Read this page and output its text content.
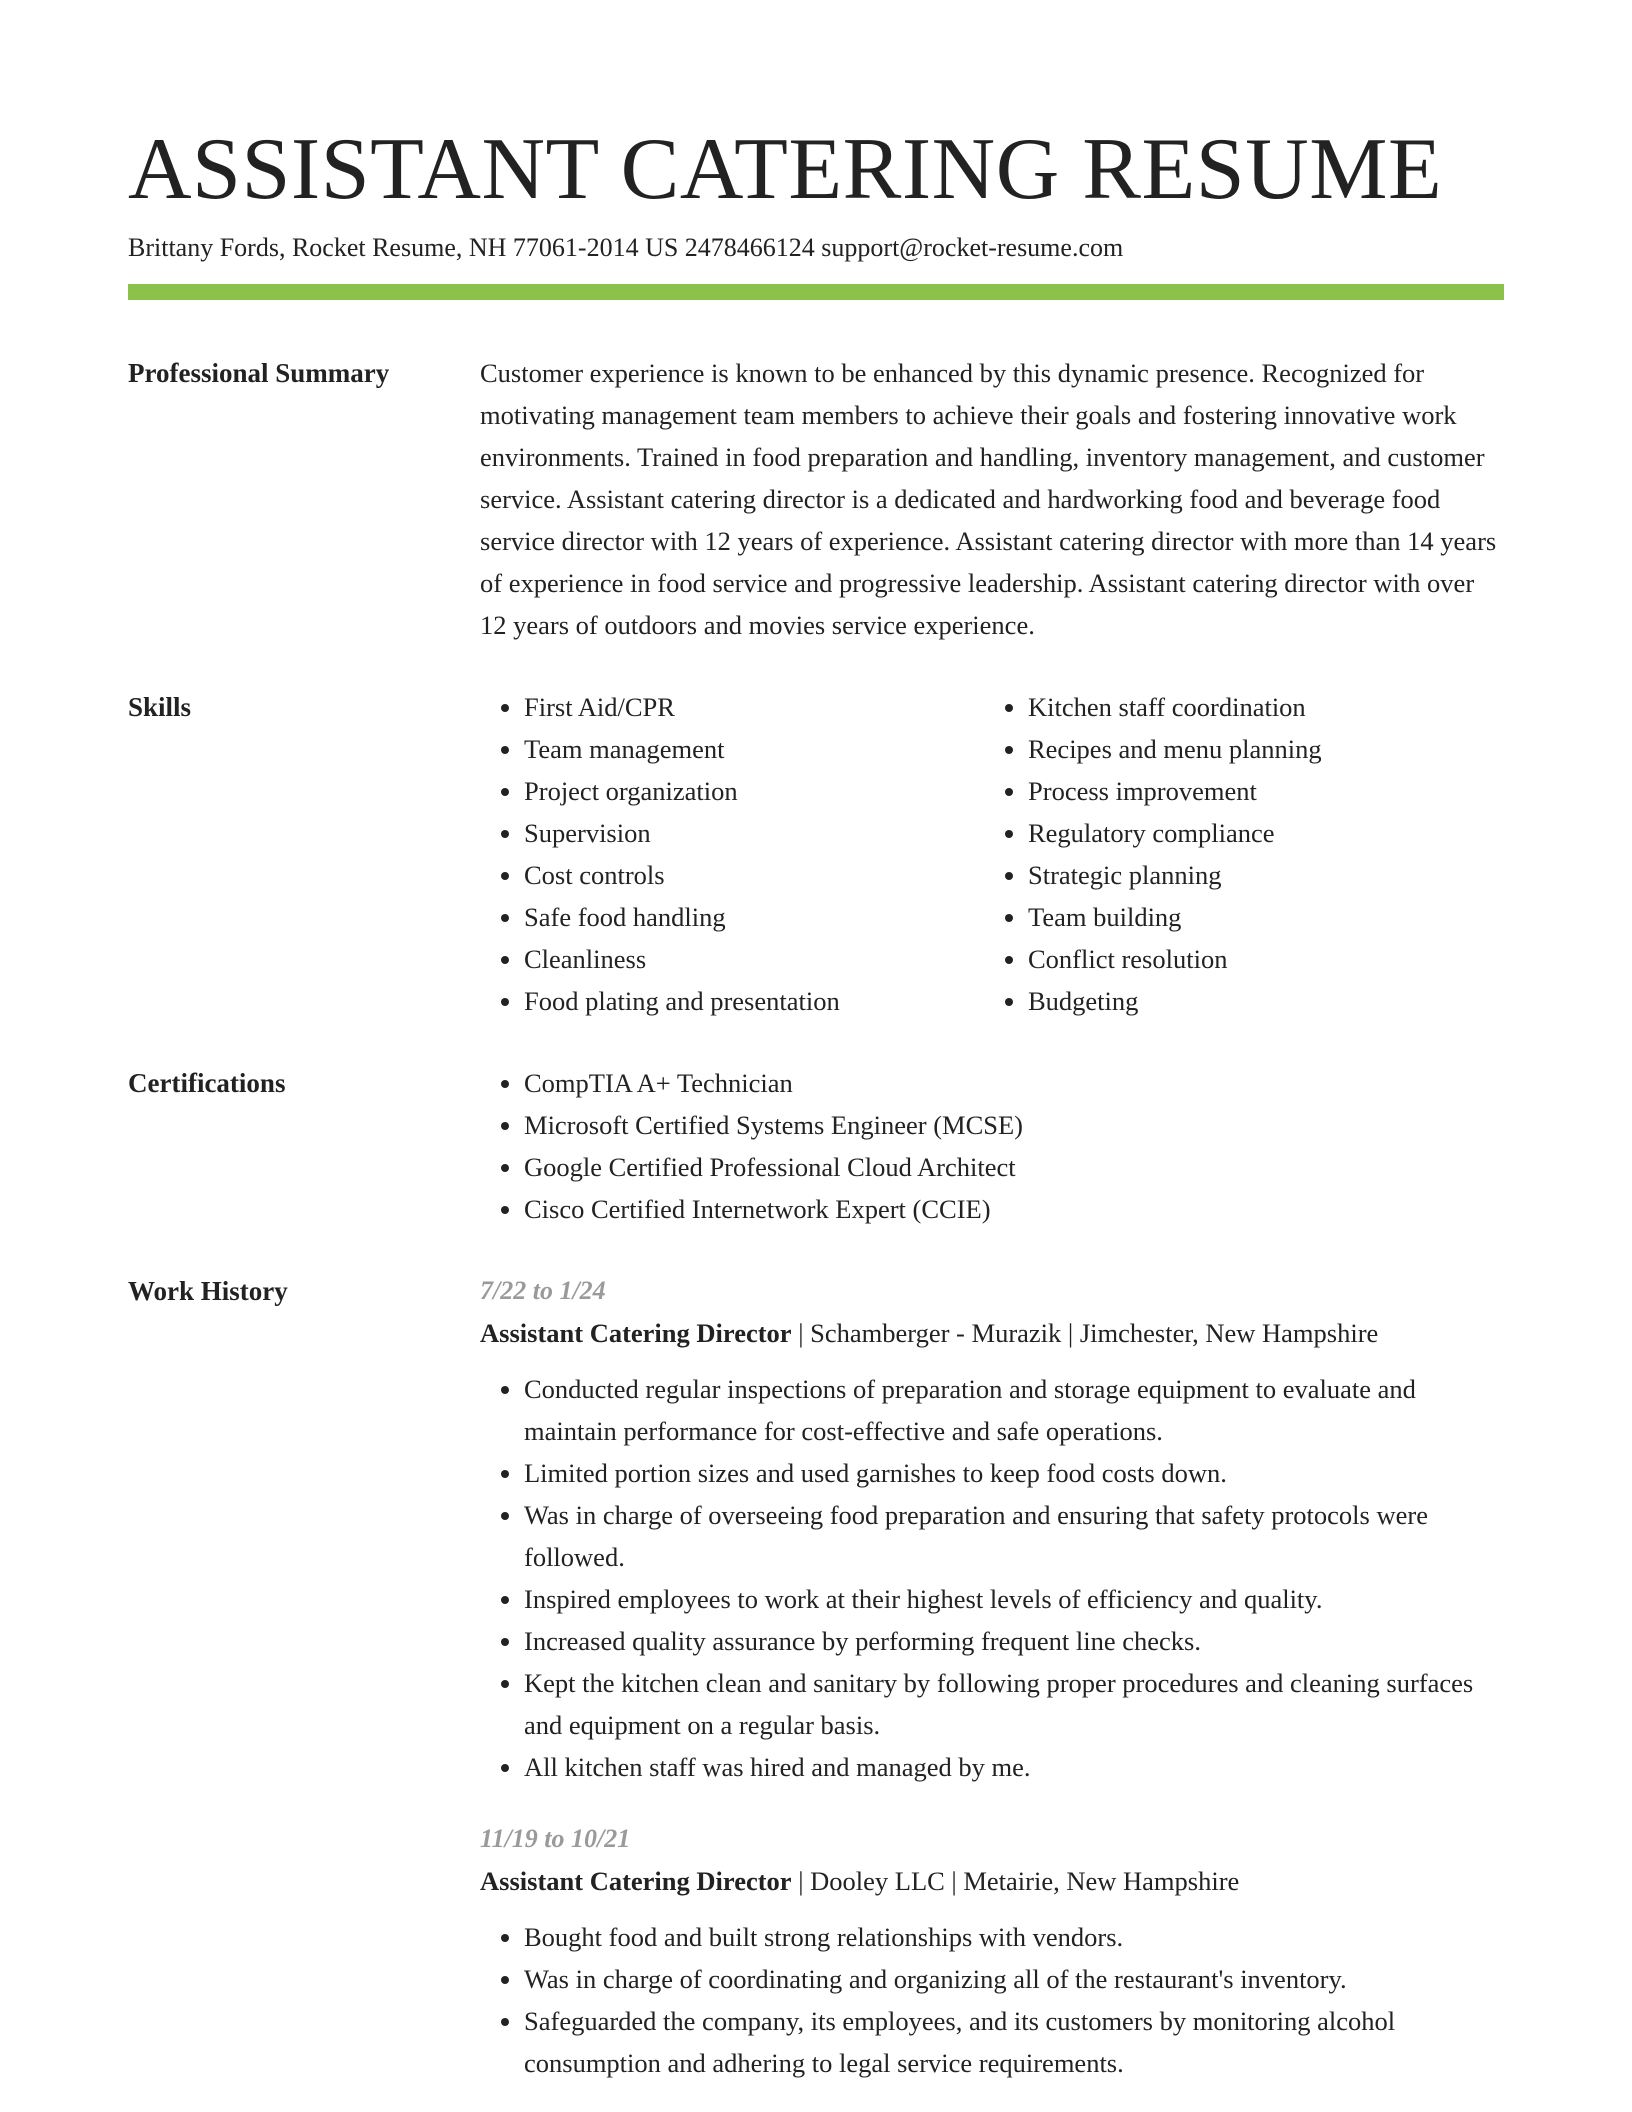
ASSISTANT CATERING RESUME
Brittany Fords, Rocket Resume, NH 77061-2014 US 2478466124 support@rocket-resume.com
Professional Summary	Customer experience is known to be enhanced by this dynamic presence. Recognized for motivating management team members to achieve their goals and fostering innovative work environments. Trained in food preparation and handling, inventory management, and customer service. Assistant catering director is a dedicated and hardworking food and beverage food service director with 12 years of experience. Assistant catering director with more than 14 years of experience in food service and progressive leadership. Assistant catering director with over 12 years of outdoors and movies service experience.

Skills	• First Aid/CPR
• Team management
• Project organization
• Supervision
• Cost controls
• Safe food handling
• Cleanliness
• Food plating and presentation
• Kitchen staff coordination
• Recipes and menu planning
• Process improvement
• Regulatory compliance
• Strategic planning
• Team building
• Conflict resolution
• Budgeting
Certifications	• CompTIA A+ Technician
• Microsoft Certified Systems Engineer (MCSE)
• Google Certified Professional Cloud Architect
• Cisco Certified Internetwork Expert (CCIE)
Work History	7/22 to 1/24
Assistant Catering Director | Schamberger - Murazik | Jimchester, New Hampshire
• Conducted regular inspections of preparation and storage equipment to evaluate and maintain performance for cost-effective and safe operations.
• Limited portion sizes and used garnishes to keep food costs down.
• Was in charge of overseeing food preparation and ensuring that safety protocols were followed.
• Inspired employees to work at their highest levels of efficiency and quality.
• Increased quality assurance by performing frequent line checks.
• Kept the kitchen clean and sanitary by following proper procedures and cleaning surfaces and equipment on a regular basis.
• All kitchen staff was hired and managed by me.
11/19 to 10/21
Assistant Catering Director | Dooley LLC | Metairie, New Hampshire
• Bought food and built strong relationships with vendors.
• Was in charge of coordinating and organizing all of the restaurant's inventory.
• Safeguarded the company, its employees, and its customers by monitoring alcohol consumption and adhering to legal service requirements.
